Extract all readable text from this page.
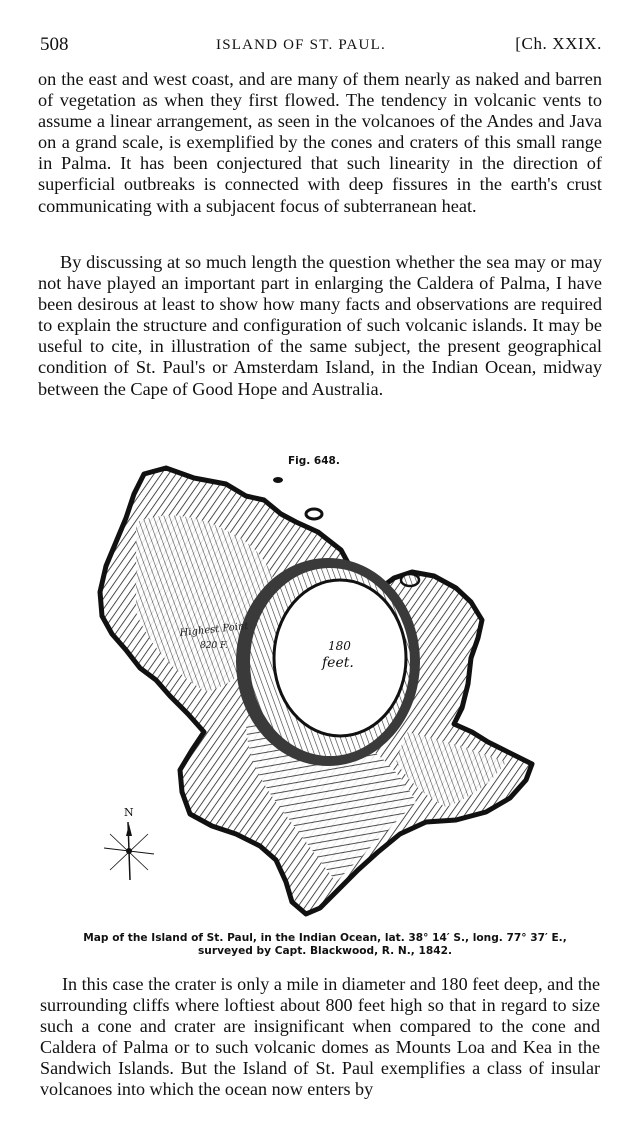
508	ISLAND OF ST. PAUL.	[Ch. XXIX.

on the east and west coast, and are many of them nearly as naked and barren of vegetation as when they first flowed. The tendency in volcanic vents to assume a linear arrangement, as seen in the volcanoes of the Andes and Java on a grand scale, is exemplified by the cones and craters of this small range in Palma. It has been conjectured that such linearity in the direction of superficial outbreaks is connected with deep fissures in the earth's crust communicating with a subjacent focus of subterranean heat.

By discussing at so much length the question whether the sea may or may not have played an important part in enlarging the Caldera of Palma, I have been desirous at least to show how many facts and observations are required to explain the structure and configuration of such volcanic islands. It may be useful to cite, in illustration of the same subject, the present geographical condition of St. Paul's or Amsterdam Island, in the Indian Ocean, midway between the Cape of Good Hope and Australia.

Fig. 648.
Highest Point
820 F.	180
feet.
N
Map of the Island of St. Paul, in the Indian Ocean, lat. 38° 14′ S., long. 77° 37′ E.,
surveyed by Capt. Blackwood, R. N., 1842.

In this case the crater is only a mile in diameter and 180 feet deep, and the surrounding cliffs where loftiest about 800 feet high so that in regard to size such a cone and crater are insignificant when compared to the cone and Caldera of Palma or to such volcanic domes as Mounts Loa and Kea in the Sandwich Islands. But the Island of St. Paul exemplifies a class of insular volcanoes into which the ocean now enters by
